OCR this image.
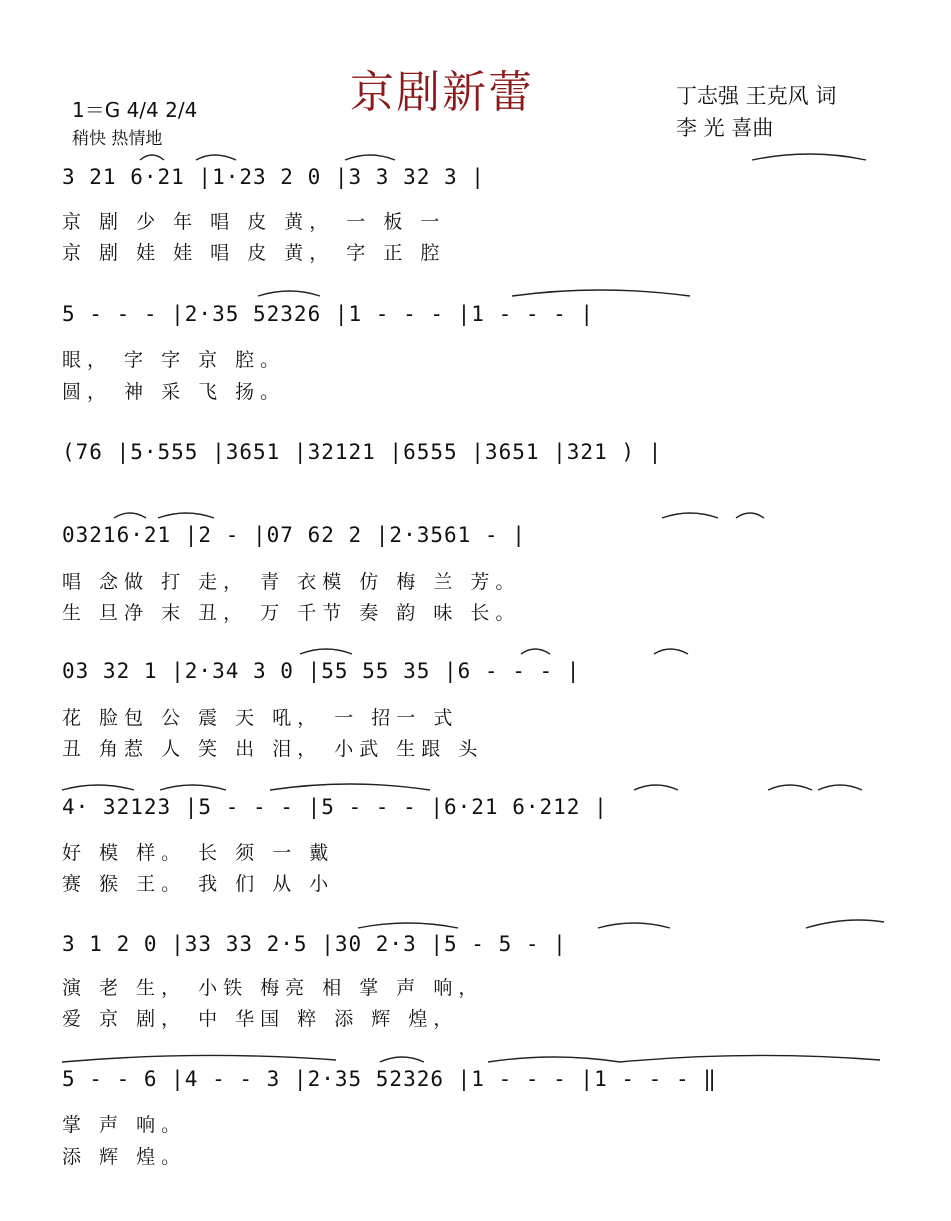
京剧新蕾
1＝G 4/4 2/4
稍快 热情地
丁志强 王克风 词
李 光 喜曲
3 21 6·21 |1·23 2 0 |3 3 32 3 |
京 剧 少 年 唱 皮 黄， 一 板 一
京 剧 娃 娃 唱 皮 黄， 字 正 腔
5 - - - |2·35 52326 |1 - - - |1 - - - |
眼， 字 字 京 腔。
圆， 神 采 飞 扬。
(76 |5·555 |3651 |32121 |6555 |3651 |321 ) |
03216·21 |2 - |07 62 2 |2·3561 - |
唱 念做 打 走， 青 衣模 仿 梅 兰 芳。
生 旦净 末 丑， 万 千节 奏 韵 味 长。
03 32 1 |2·34 3 0 |55 55 35 |6 - - - |
花 脸包 公 震 天 吼， 一 招一 式
丑 角惹 人 笑 出 泪， 小武 生跟 头
4· 32123 |5 - - - |5 - - - |6·21 6·212 |
好 模 样。 长 须 一 戴
赛 猴 王。 我 们 从 小
3 1 2 0 |33 33 2·5 |30 2·3 |5 - 5 - |
演 老 生， 小铁 梅亮 相 掌 声 响，
爱 京 剧， 中 华国 粹 添 辉 煌，
5 - - 6 |4 - - 3 |2·35 52326 |1 - - - |1 - - - ‖
掌 声 响。
添 辉 煌。
